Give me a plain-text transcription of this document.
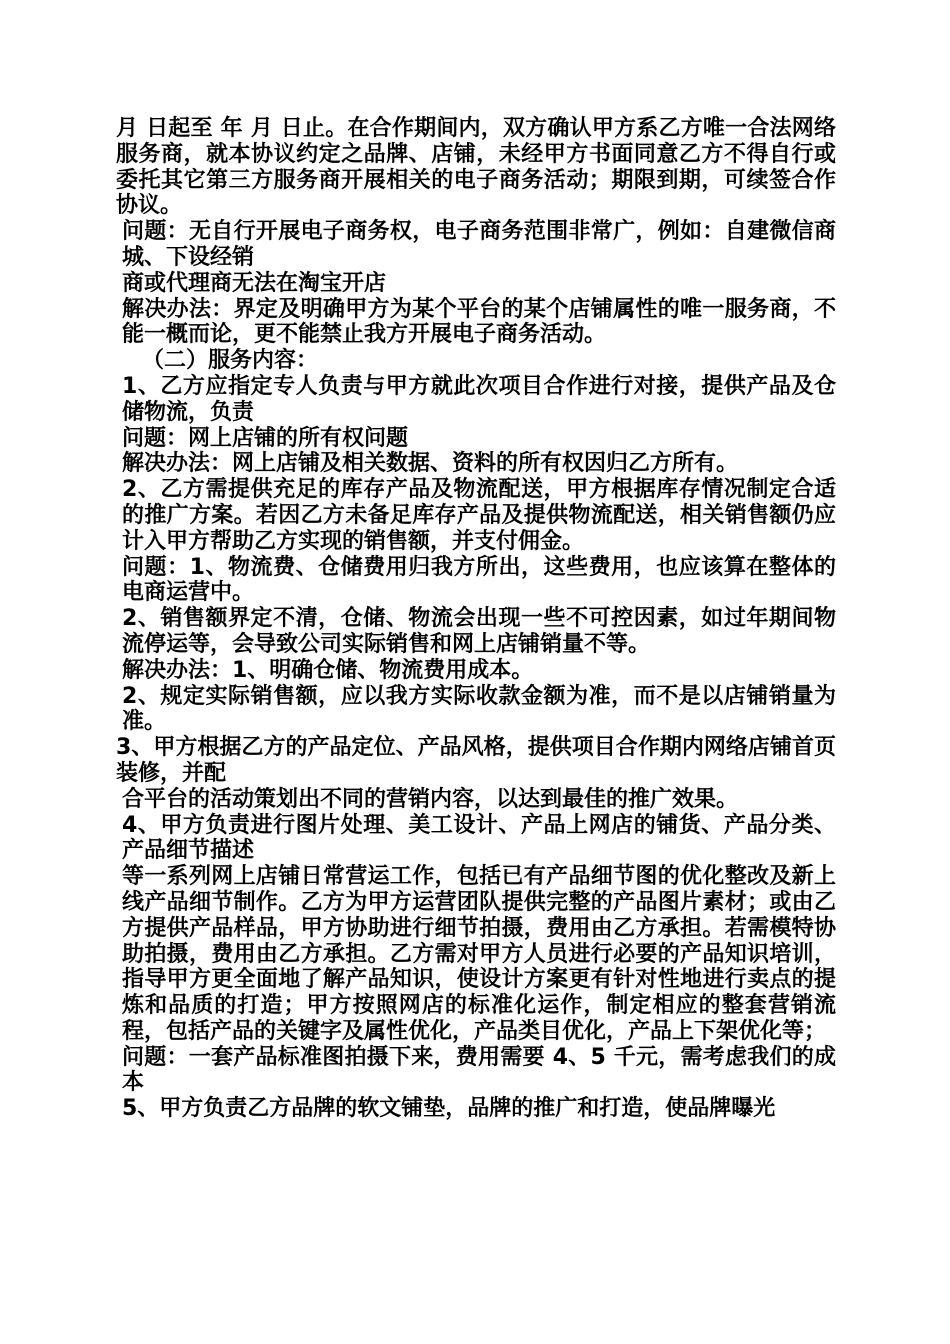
月 日起至 年 月 日止。在合作期间内，双方确认甲方系乙方唯一合法网络服务商，就本协议约定之品牌、店铺，未经甲方书面同意乙方不得自行或委托其它第三方服务商开展相关的电子商务活动；期限到期，可续签合作协议。

问题：无自行开展电子商务权，电子商务范围非常广，例如：自建微信商城、下设经销

商或代理商无法在淘宝开店

解决办法：界定及明确甲方为某个平台的某个店铺属性的唯一服务商，不能一概而论，更不能禁止我方开展电子商务活动。

（二）服务内容：

1、乙方应指定专人负责与甲方就此次项目合作进行对接，提供产品及仓储物流，负责

问题：网上店铺的所有权问题

解决办法：网上店铺及相关数据、资料的所有权因归乙方所有。

2、乙方需提供充足的库存产品及物流配送，甲方根据库存情况制定合适的推广方案。若因乙方未备足库存产品及提供物流配送，相关销售额仍应计入甲方帮助乙方实现的销售额，并支付佣金。

问题：1、物流费、仓储费用归我方所出，这些费用，也应该算在整体的电商运营中。

2、销售额界定不清，仓储、物流会出现一些不可控因素，如过年期间物流停运等，会导致公司实际销售和网上店铺销量不等。

解决办法：1、明确仓储、物流费用成本。

2、规定实际销售额，应以我方实际收款金额为准，而不是以店铺销量为准。

3、甲方根据乙方的产品定位、产品风格，提供项目合作期内网络店铺首页装修，并配

合平台的活动策划出不同的营销内容，以达到最佳的推广效果。

4、甲方负责进行图片处理、美工设计、产品上网店的铺货、产品分类、产品细节描述

等一系列网上店铺日常营运工作，包括已有产品细节图的优化整改及新上线产品细节制作。乙方为甲方运营团队提供完整的产品图片素材；或由乙方提供产品样品，甲方协助进行细节拍摄，费用由乙方承担。若需模特协助拍摄，费用由乙方承担。乙方需对甲方人员进行必要的产品知识培训，指导甲方更全面地了解产品知识，使设计方案更有针对性地进行卖点的提炼和品质的打造；甲方按照网店的标准化运作，制定相应的整套营销流程，包括产品的关键字及属性优化，产品类目优化，产品上下架优化等；

问题：一套产品标准图拍摄下来，费用需要 4、5 千元，需考虑我们的成本

5、甲方负责乙方品牌的软文铺垫，品牌的推广和打造，使品牌曝光
